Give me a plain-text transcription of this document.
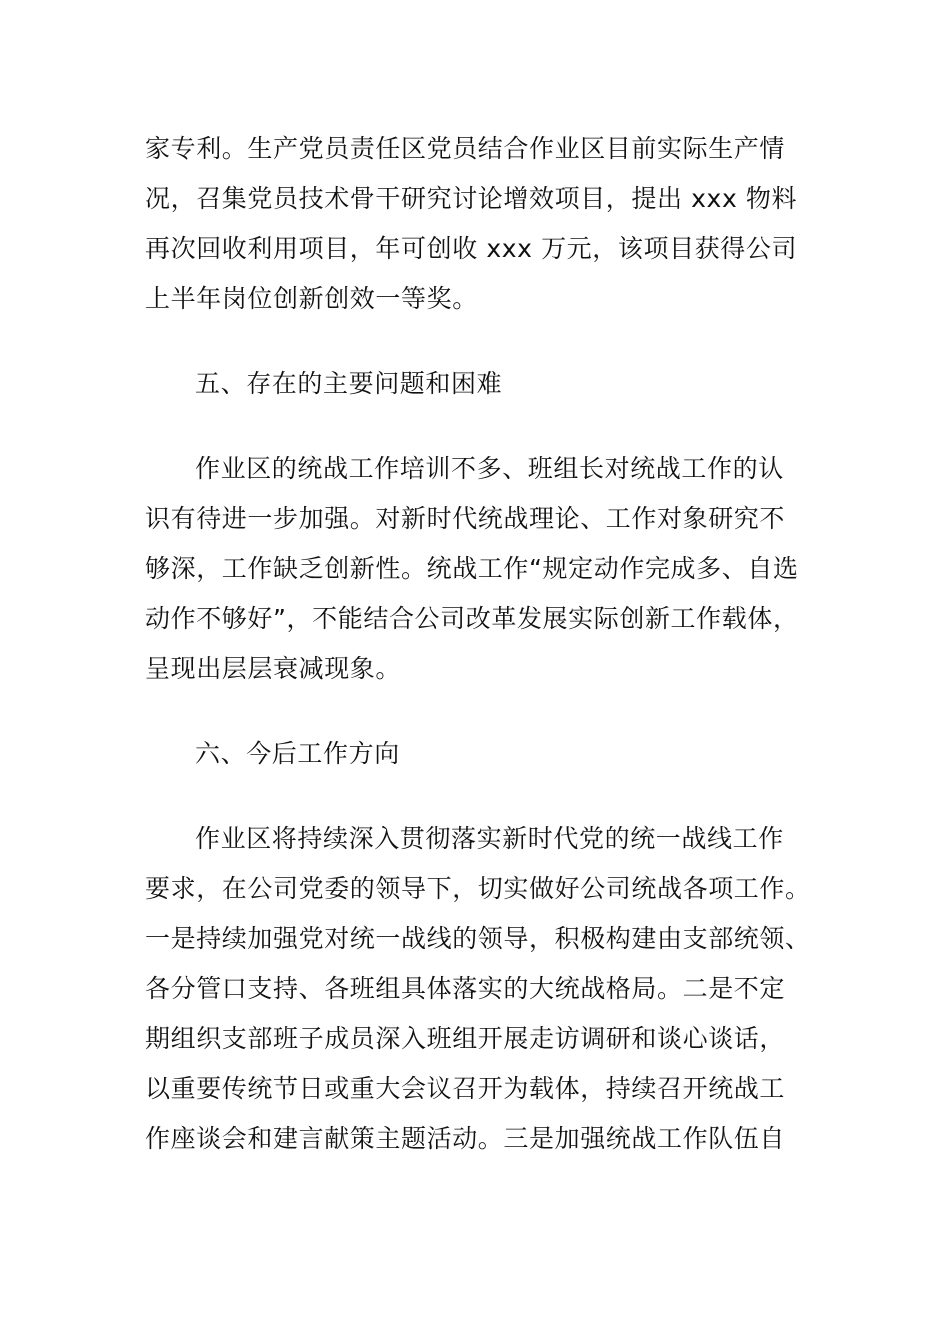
家专利。生产党员责任区党员结合作业区目前实际生产情
况，召集党员技术骨干研究讨论增效项目，提出 xxx 物料
再次回收利用项目，年可创收 xxx 万元，该项目获得公司
上半年岗位创新创效一等奖。
五、存在的主要问题和困难
作业区的统战工作培训不多、班组长对统战工作的认
识有待进一步加强。对新时代统战理论、工作对象研究不
够深，工作缺乏创新性。统战工作“规定动作完成多、自选
动作不够好”，不能结合公司改革发展实际创新工作载体，
呈现出层层衰减现象。
六、今后工作方向
作业区将持续深入贯彻落实新时代党的统一战线工作
要求，在公司党委的领导下，切实做好公司统战各项工作。
一是持续加强党对统一战线的领导，积极构建由支部统领、
各分管口支持、各班组具体落实的大统战格局。二是不定
期组织支部班子成员深入班组开展走访调研和谈心谈话，
以重要传统节日或重大会议召开为载体，持续召开统战工
作座谈会和建言献策主题活动。三是加强统战工作队伍自
